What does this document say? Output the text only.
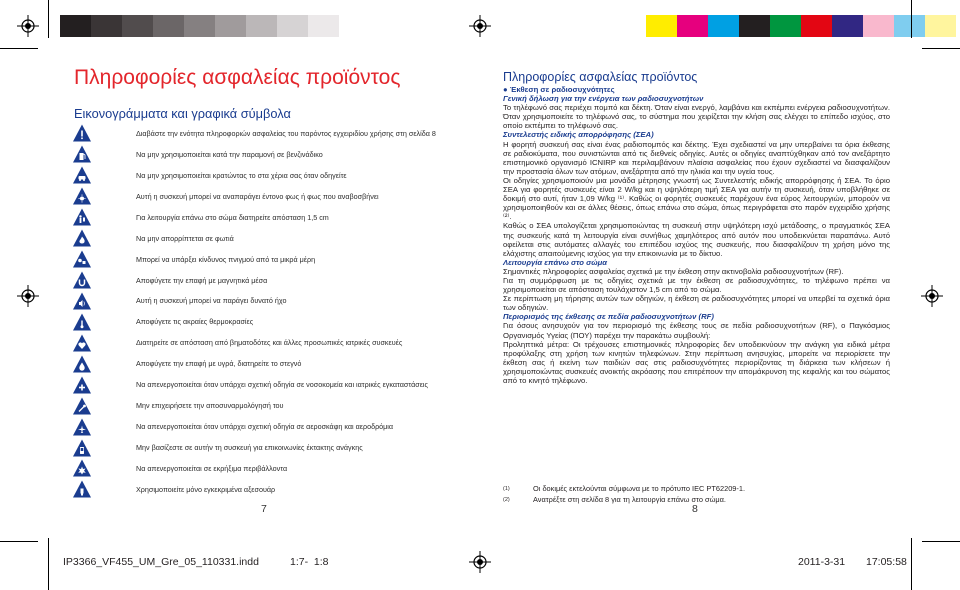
Πληροφορίες ασφαλείας προϊόντος
Εικονογράμματα και γραφικά σύμβολα
Διαβάστε την ενότητα πληροφοριών ασφαλείας του παρόντος εγχειριδίου χρήσης στη σελίδα 8
Να μην χρησιμοποιείται κατά την παραμονή σε βενζινάδικο
Να μην χρησιμοποιείται κρατώντας το στα χέρια σας όταν οδηγείτε
Αυτή η συσκευή μπορεί να αναπαράγει έντονο φως ή φως που αναβοσβήνει
Για λειτουργία επάνω στο σώμα διατηρείτε απόσταση 1,5 cm
Να μην απορρίπτεται σε φωτιά
Μπορεί να υπάρξει κίνδυνος πνιγμού από τα μικρά μέρη
Αποφύγετε την επαφή με μαγνητικά μέσα
Αυτή η συσκευή μπορεί να παράγει δυνατό ήχο
Αποφύγετε τις ακραίες θερμοκρασίες
Διατηρείτε σε απόσταση από βηματοδότες και άλλες προσωπικές ιατρικές συσκευές
Αποφύγετε την επαφή με υγρά, διατηρείτε το στεγνό
Να απενεργοποιείται όταν υπάρχει σχετική οδηγία σε νοσοκομεία και ιατρικές εγκαταστάσεις
Μην επιχειρήσετε την αποσυναρμολόγησή του
Να απενεργοποιείται όταν υπάρχει σχετική οδηγία σε αεροσκάφη και αεροδρόμια
Μην βασίζεστε σε αυτήν τη συσκευή για επικοινωνίες έκτακτης ανάγκης
Να απενεργοποιείται σε εκρήξιμα περιβάλλοντα
Χρησιμοποιείτε μόνο εγκεκριμένα αξεσουάρ
7
Πληροφορίες ασφαλείας προϊόντος

● Έκθεση σε ραδιοσυχνότητες

Γενική δήλωση για την ενέργεια των ραδιοσυχνοτήτων

Το τηλέφωνό σας περιέχει πομπό και δέκτη. Όταν είναι ενεργό, λαμβάνει και εκπέμπει ενέργεια ραδιοσυχνοτήτων. Όταν χρησιμοποιείτε το τηλέφωνό σας, το σύστημα που χειρίζεται την κλήση σας ελέγχει το επίπεδο ισχύος, στο οποίο εκπέμπει το τηλέφωνό σας.

Συντελεστής ειδικής απορρόφησης (ΣΕΑ)

Η φορητή συσκευή σας είναι ένας ραδιοπομπός και δέκτης. Έχει σχεδιαστεί να μην υπερβαίνει τα όρια έκθεσης σε ραδιοκύματα, που συνιστώνται από τις διεθνείς οδηγίες. Αυτές οι οδηγίες αναπτύχθηκαν από τον ανεξάρτητο επιστημονικό οργανισμό ICNIRP και περιλαμβάνουν πλαίσια ασφαλείας που έχουν σχεδιαστεί να διασφαλίζουν την προστασία όλων των ατόμων, ανεξάρτητα από την ηλικία και την υγεία τους.

Οι οδηγίες χρησιμοποιούν μια μονάδα μέτρησης γνωστή ως Συντελεστής ειδικής απορρόφησης ή ΣΕΑ. Το όριο ΣΕΑ για φορητές συσκευές είναι 2 W/kg και η υψηλότερη τιμή ΣΕΑ για αυτήν τη συσκευή, όταν υποβλήθηκε σε δοκιμή στο αυτί, ήταν 1,09 W/kg ⁽¹⁾. Καθώς οι φορητές συσκευές παρέχουν ένα εύρος λειτουργιών, μπορούν να χρησιμοποιηθούν και σε άλλες θέσεις, όπως επάνω στο σώμα, όπως περιγράφεται στο παρόν εγχειρίδιο χρήσης ⁽²⁾.

Καθώς ο ΣΕΑ υπολογίζεται χρησιμοποιώντας τη συσκευή στην υψηλότερη ισχύ μετάδοσης, ο πραγματικός ΣΕΑ της συσκευής κατά τη λειτουργία είναι συνήθως χαμηλότερος από αυτόν που υποδεικνύεται παραπάνω. Αυτό οφείλεται στις αυτόματες αλλαγές του επιπέδου ισχύος της συσκευής, που διασφαλίζουν τη χρήση μόνο της ελάχιστης απαιτούμενης ισχύος για την επικοινωνία με το δίκτυο.

Λειτουργία επάνω στο σώμα

Σημαντικές πληροφορίες ασφαλείας σχετικά με την έκθεση στην ακτινοβολία ραδιοσυχνοτήτων (RF).

Για τη συμμόρφωση με τις οδηγίες σχετικά με την έκθεση σε ραδιοσυχνότητες, το τηλέφωνο πρέπει να χρησιμοποιείται σε απόσταση τουλάχιστον 1,5 cm από το σώμα.

Σε περίπτωση μη τήρησης αυτών των οδηγιών, η έκθεση σε ραδιοσυχνότητες μπορεί να υπερβεί τα σχετικά όρια των οδηγιών.

Περιορισμός της έκθεσης σε πεδία ραδιοσυχνοτήτων (RF)

Για όσους ανησυχούν για τον περιορισμό της έκθεσης τους σε πεδία ραδιοσυχνοτήτων (RF), ο Παγκόσμιος Οργανισμός Υγείας (ΠΟΥ) παρέχει την παρακάτω συμβουλή:

Προληπτικά μέτρα: Οι τρέχουσες επιστημονικές πληροφορίες δεν υποδεικνύουν την ανάγκη για ειδικά μέτρα προφύλαξης στη χρήση των κινητών τηλεφώνων. Στην περίπτωση ανησυχίας, μπορείτε να περιορίσετε την έκθεση σας ή εκείνη των παιδιών σας στις ραδιοσυχνότητες περιορίζοντας τη διάρκεια των κλήσεων ή χρησιμοποιώντας συσκευές ανοικτής ακρόασης που επιτρέπουν την απομάκρυνση της κεφαλής και του σώματος από το κινητό τηλέφωνο.

(1)	Οι δοκιμές εκτελούνται σύμφωνα με το πρότυπο IEC PT62209-1.
(2)	Ανατρέξτε στη σελίδα 8 για τη λειτουργία επάνω στο σώμα.
8
IP3366_VF455_UM_Gre_05_110331.indd	1:7-  1:8	2011-3-31 17:05:58
